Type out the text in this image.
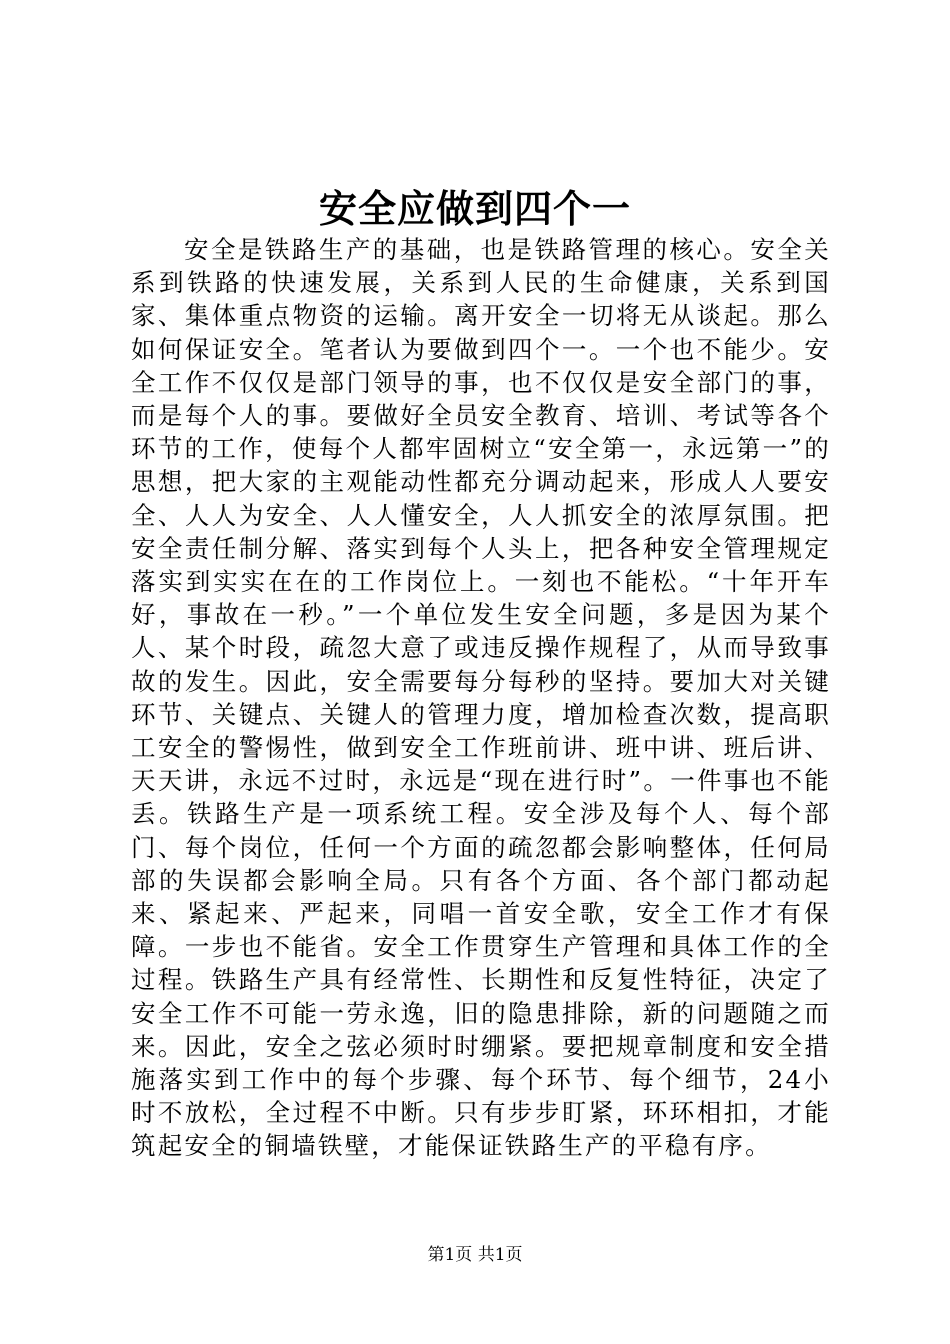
安全应做到四个一

安全是铁路生产的基础，也是铁路管理的核心。安全关系到铁路的快速发展，关系到人民的生命健康，关系到国家、集体重点物资的运输。离开安全一切将无从谈起。那么如何保证安全。笔者认为要做到四个一。一个也不能少。安全工作不仅仅是部门领导的事，也不仅仅是安全部门的事，而是每个人的事。要做好全员安全教育、培训、考试等各个环节的工作，使每个人都牢固树立“安全第一，永远第一”的思想，把大家的主观能动性都充分调动起来，形成人人要安全、人人为安全、人人懂安全，人人抓安全的浓厚氛围。把安全责任制分解、落实到每个人头上，把各种安全管理规定落实到实实在在的工作岗位上。一刻也不能松。“十年开车好，事故在一秒。”一个单位发生安全问题，多是因为某个人、某个时段，疏忽大意了或违反操作规程了，从而导致事故的发生。因此，安全需要每分每秒的坚持。要加大对关键环节、关键点、关键人的管理力度，增加检查次数，提高职工安全的警惕性，做到安全工作班前讲、班中讲、班后讲、天天讲，永远不过时，永远是“现在进行时”。一件事也不能丢。铁路生产是一项系统工程。安全涉及每个人、每个部门、每个岗位，任何一个方面的疏忽都会影响整体，任何局部的失误都会影响全局。只有各个方面、各个部门都动起来、紧起来、严起来，同唱一首安全歌，安全工作才有保障。一步也不能省。安全工作贯穿生产管理和具体工作的全过程。铁路生产具有经常性、长期性和反复性特征，决定了安全工作不可能一劳永逸，旧的隐患排除，新的问题随之而来。因此，安全之弦必须时时绷紧。要把规章制度和安全措施落实到工作中的每个步骤、每个环节、每个细节，24小时不放松，全过程不中断。只有步步盯紧，环环相扣，才能筑起安全的铜墙铁壁，才能保证铁路生产的平稳有序。

第1页 共1页
